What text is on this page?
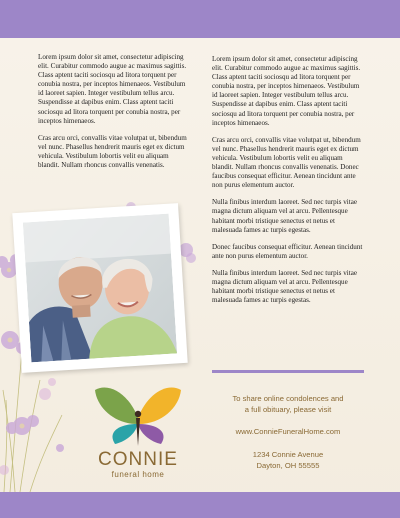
Lorem ipsum dolor sit amet, consectetur adipiscing elit. Curabitur commodo augue ac maximus sagittis. Class aptent taciti sociosqu ad litora torquent per conubia nostra, per inceptos himenaeos. Vestibulum id laoreet sapien. Integer vestibulum tellus arcu. Suspendisse at dapibus enim. Class aptent taciti sociosqu ad litora torquent per conubia nostra, per inceptos himenaeos.

Cras arcu orci, convallis vitae volutpat ut, bibendum vel nunc. Phasellus hendrerit mauris eget ex dictum vehicula. Vestibulum lobortis velit eu aliquam blandit. Nullam rhoncus convallis venenatis.

Lorem ipsum dolor sit amet, consectetur adipiscing elit. Curabitur commodo augue ac maximus sagittis. Class aptent taciti sociosqu ad litora torquent per conubia nostra, per inceptos himenaeos. Vestibulum id laoreet sapien. Integer vestibulum tellus arcu. Suspendisse at dapibus enim. Class aptent taciti sociosqu ad litora torquent per conubia nostra, per inceptos himenaeos.

Cras arcu orci, convallis vitae volutpat ut, bibendum vel nunc. Phasellus hendrerit mauris eget ex dictum vehicula. Vestibulum lobortis velit eu aliquam blandit. Nullam rhoncus convallis venenatis. Donec faucibus consequat efficitur. Aenean tincidunt ante non purus elementum auctor.

Nulla finibus interdum laoreet. Sed nec turpis vitae magna dictum aliquam vel at arcu. Pellentesque habitant morbi tristique senectus et netus et malesuada fames ac turpis egestas.

Donec faucibus consequat efficitur. Aenean tincidunt ante non purus elementum auctor.

Nulla finibus interdum laoreet. Sed nec turpis vitae magna dictum aliquam vel at arcu. Pellentesque habitant morbi tristique senectus et netus et malesuada fames ac turpis egestas.

CONNIE
funeral home
To share online condolences and
a full obituary, please visit
www.ConnieFuneralHome.com
1234 Connie Avenue
Dayton, OH 55555
